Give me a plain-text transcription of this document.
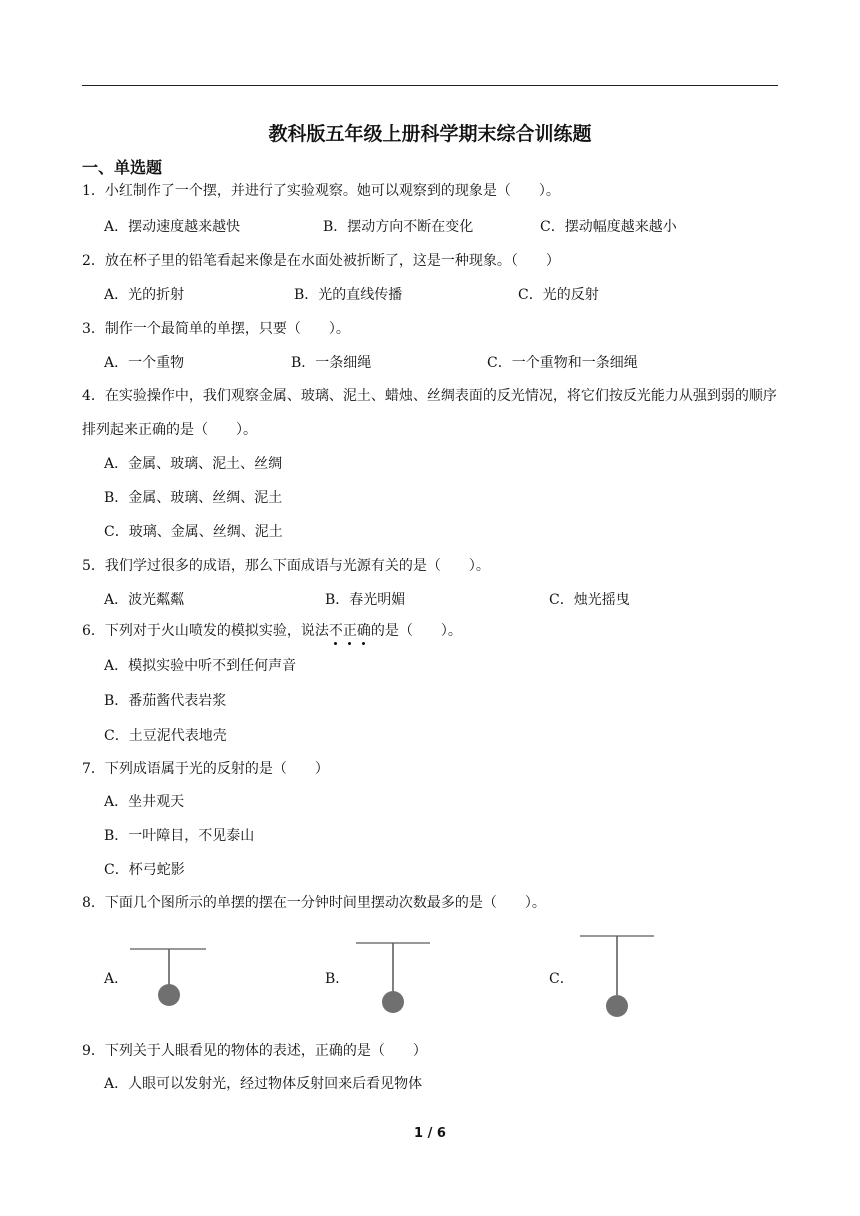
教科版五年级上册科学期末综合训练题
一、单选题
1．小红制作了一个摆，并进行了实验观察。她可以观察到的现象是（　　）。
A．摆动速度越来越快	B．摆动方向不断在变化	C．摆动幅度越来越小
2．放在杯子里的铅笔看起来像是在水面处被折断了，这是一种现象。（　　）
A．光的折射	B．光的直线传播	C．光的反射
3．制作一个最简单的单摆，只要（　　）。
A．一个重物	B．一条细绳	C．一个重物和一条细绳
4．在实验操作中，我们观察金属、玻璃、泥土、蜡烛、丝绸表面的反光情况，将它们按反光能力从强到弱的顺序排列起来正确的是（　　）。
A．金属、玻璃、泥土、丝绸
B．金属、玻璃、丝绸、泥土
C．玻璃、金属、丝绸、泥土
5．我们学过很多的成语，那么下面成语与光源有关的是（　　）。
A．波光粼粼	B．春光明媚	C．烛光摇曳
6．下列对于火山喷发的模拟实验，说法不
正
确
的是（　　）。
A．模拟实验中听不到任何声音
B．番茄酱代表岩浆
C．土豆泥代表地壳
7．下列成语属于光的反射的是（　　）
A．坐井观天
B．一叶障目，不见泰山
C．杯弓蛇影
8．下面几个图所示的单摆的摆在一分钟时间里摆动次数最多的是（　　）。
A．	B．	C．
9．下列关于人眼看见的物体的表述，正确的是（　　）
A．人眼可以发射光，经过物体反射回来后看见物体
1 / 6
